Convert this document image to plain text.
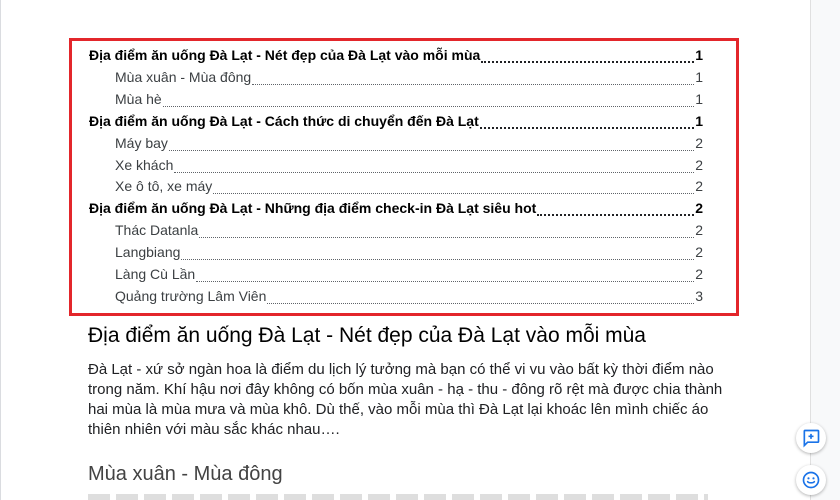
Địa điểm ăn uống Đà Lạt - Nét đẹp của Đà Lạt vào mỗi mùa	1
Mùa xuân - Mùa đông	1
Mùa hè	1
Địa điểm ăn uống Đà Lạt - Cách thức di chuyển đến Đà Lạt	1
Máy bay	2
Xe khách	2
Xe ô tô, xe máy	2
Địa điểm ăn uống Đà Lạt - Những địa điểm check-in Đà Lạt siêu hot	2
Thác Datanla	2
Langbiang	2
Làng Cù Lần	2
Quảng trường Lâm Viên	3
Địa điểm ăn uống Đà Lạt - Nét đẹp của Đà Lạt vào mỗi mùa

Đà Lạt - xứ sở ngàn hoa là điểm du lịch lý tưởng mà bạn có thể vi vu vào bất kỳ thời điểm nào trong năm. Khí hậu nơi đây không có bốn mùa xuân - hạ - thu - đông rõ rệt mà được chia thành hai mùa là mùa mưa và mùa khô. Dù thế, vào mỗi mùa thì Đà Lạt lại khoác lên mình chiếc áo thiên nhiên với màu sắc khác nhau….

Mùa xuân - Mùa đông
